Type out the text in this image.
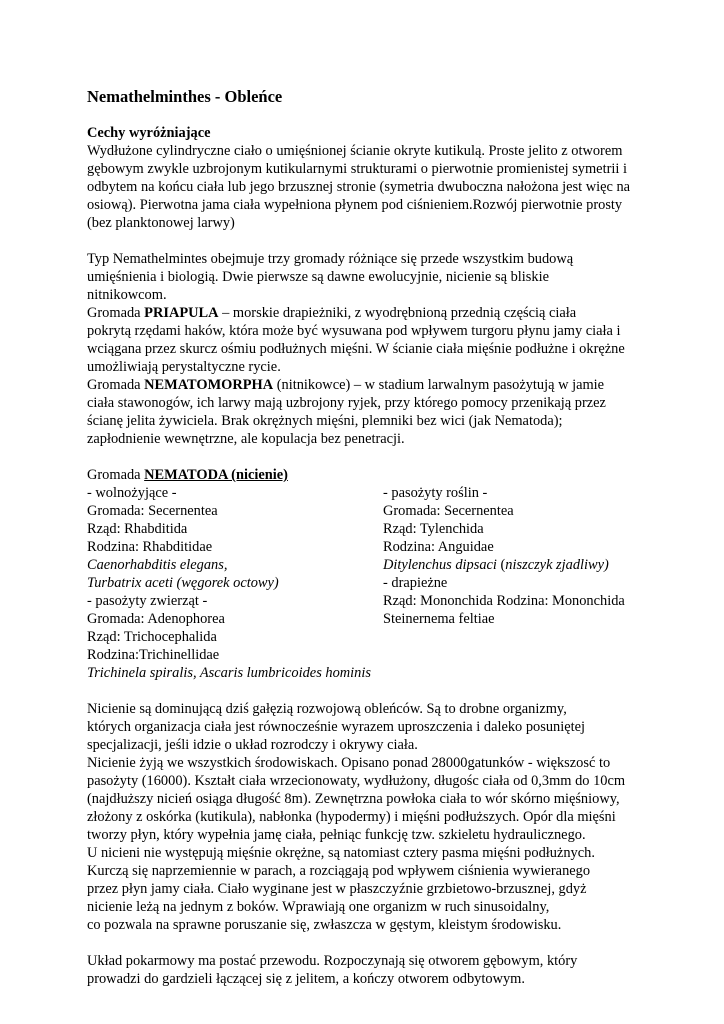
Nemathelminthes - Obleńce
Cechy wyróżniające
Wydłużone cylindryczne ciało o umięśnionej ścianie okryte kutikulą. Proste jelito z otworem
gębowym zwykle uzbrojonym kutikularnymi strukturami o pierwotnie promienistej symetrii i
odbytem na końcu ciała lub jego brzusznej stronie (symetria dwuboczna nałożona jest więc na
osiową). Pierwotna jama ciała wypełniona płynem pod ciśnieniem.Rozwój pierwotnie prosty
(bez planktonowej larwy)
Typ Nemathelmintes obejmuje trzy gromady różniące się przede wszystkim budową
umięśnienia i biologią. Dwie pierwsze są dawne ewolucyjnie, nicienie są bliskie
nitnikowcom.
Gromada PRIAPULA – morskie drapieżniki, z wyodrębnioną przednią częścią ciała
pokrytą rzędami haków, która może być wysuwana pod wpływem turgoru płynu jamy ciała i
wciągana przez skurcz ośmiu podłużnych mięśni. W ścianie ciała mięśnie podłużne i okrężne
umożliwiają perystaltyczne rycie.
Gromada NEMATOMORPHA (nitnikowce) – w stadium larwalnym pasożytują w jamie
ciała stawonogów, ich larwy mają uzbrojony ryjek, przy którego pomocy przenikają przez
ścianę jelita żywiciela. Brak okrężnych mięśni, plemniki bez wici (jak Nematoda);
zapłodnienie wewnętrzne, ale kopulacja bez penetracji.
Gromada NEMATODA (nicienie)
- wolnożyjące -
Gromada: Secernentea
Rząd: Rhabditida
Rodzina: Rhabditidae
Caenorhabditis elegans,
Turbatrix aceti (węgorek octowy)
- pasożyty zwierząt -
Gromada: Adenophorea
Rząd: Trichocephalida
Rodzina:Trichinellidae
Trichinela spiralis, Ascaris lumbricoides hominis
- pasożyty roślin -
Gromada: Secernentea
Rząd: Tylenchida
Rodzina: Anguidae
Ditylenchus dipsaci (niszczyk zjadliwy)
- drapieżne
Rząd: Mononchida Rodzina: Mononchida
Steinernema feltiae
Nicienie są dominującą dziś gałęzią rozwojową obleńców. Są to drobne organizmy,
których organizacja ciała jest równocześnie wyrazem uproszczenia i daleko posuniętej
specjalizacji, jeśli idzie o układ rozrodczy i okrywy ciała.
Nicienie żyją we wszystkich środowiskach. Opisano ponad 28000gatunków - większosć to
pasożyty (16000). Kształt ciała wrzecionowaty, wydłużony, długośc ciała od 0,3mm do 10cm
(najdłuższy nicień osiąga długość 8m). Zewnętrzna powłoka ciała to wór skórno mięśniowy,
złożony z oskórka (kutikula), nabłonka (hypodermy) i mięśni podłuższych. Opór dla mięśni
tworzy płyn, który wypełnia jamę ciała, pełniąc funkcję tzw. szkieletu hydraulicznego.
U nicieni nie występują mięśnie okrężne, są natomiast cztery pasma mięśni podłużnych.
Kurczą się naprzemiennie w parach, a rozciągają pod wpływem ciśnienia wywieranego
przez płyn jamy ciała. Ciało wyginane jest w płaszczyźnie grzbietowo-brzusznej, gdyż
nicienie leżą na jednym z boków. Wprawiają one organizm w ruch sinusoidalny,
co pozwala na sprawne poruszanie się, zwłaszcza w gęstym, kleistym środowisku.
Układ pokarmowy ma postać przewodu. Rozpoczynają się otworem gębowym, który
prowadzi do gardzieli łączącej się z jelitem, a kończy otworem odbytowym.
